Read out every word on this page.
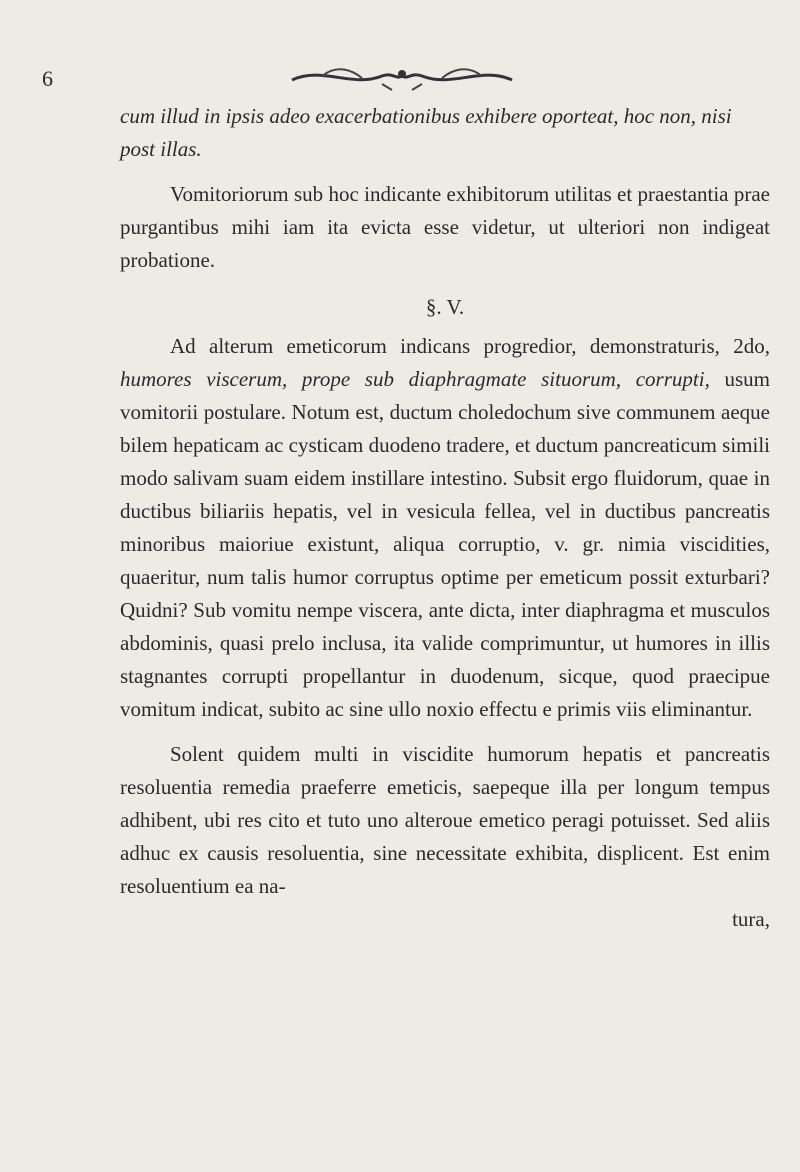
6

cum illud in ipsis adeo exacerbationibus exhibere oporteat, hoc non, nisi post illas.

Vomitoriorum sub hoc indicante exhibitorum utilitas et praestantia prae purgantibus mihi iam ita evicta esse videtur, ut ulteriori non indigeat probatione.

§. V.

Ad alterum emeticorum indicans progredior, demonstraturis, 2do, humores viscerum, prope sub diaphragmate situorum, corrupti, usum vomitorii postulare. Notum est, ductum choledochum sive communem aeque bilem hepaticam ac cysticam duodeno tradere, et ductum pancreaticum simili modo salivam suam eidem instillare intestino. Subsit ergo fluidorum, quae in ductibus biliariis hepatis, vel in vesicula fellea, vel in ductibus pancreatis minoribus maioriue existunt, aliqua corruptio, v. gr. nimia viscidities, quaeritur, num talis humor corruptus optime per emeticum possit exturbari? Quidni? Sub vomitu nempe viscera, ante dicta, inter diaphragma et musculos abdominis, quasi prelo inclusa, ita valide comprimuntur, ut humores in illis stagnantes corrupti propellantur in duodenum, sicque, quod praecipue vomitum indicat, subito ac sine ullo noxio effectu e primis viis eliminantur.

Solent quidem multi in viscidite humorum hepatis et pancreatis resoluentia remedia praeferre emeticis, saepeque illa per longum tempus adhibent, ubi res cito et tuto uno alteroue emetico peragi potuisset. Sed aliis adhuc ex causis resoluentia, sine necessitate exhibita, displicent. Est enim resoluentium ea na-

tura,
